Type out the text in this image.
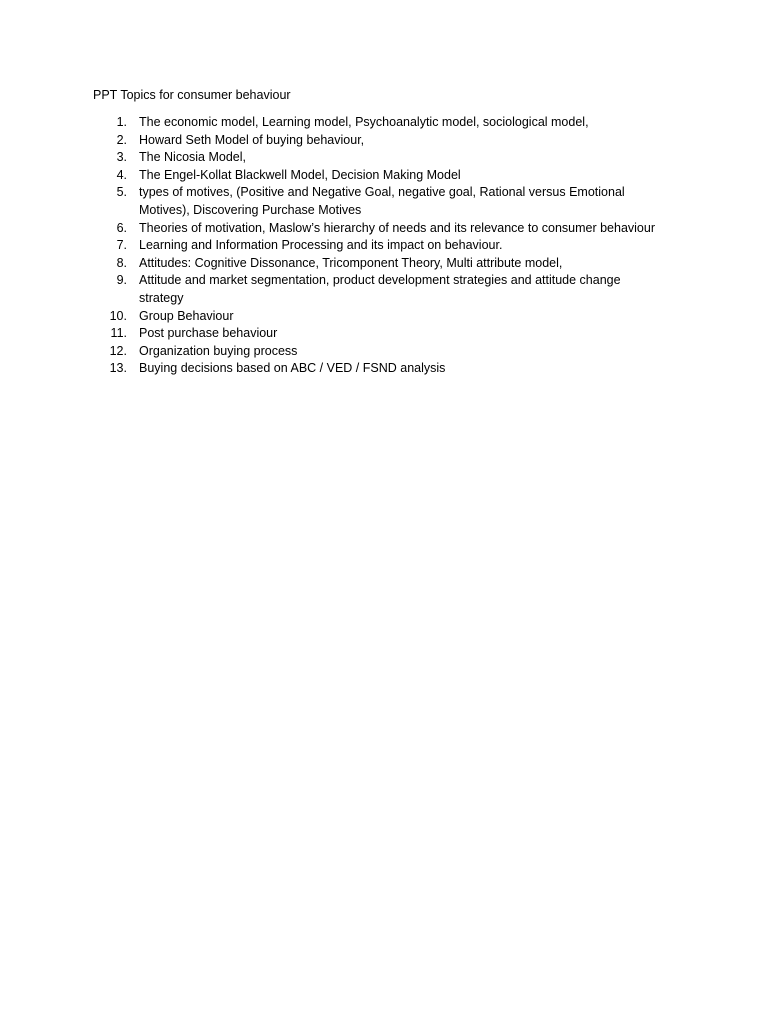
PPT Topics for consumer behaviour
1. The economic model, Learning model, Psychoanalytic model, sociological model,
2. Howard Seth Model of buying behaviour,
3. The Nicosia Model,
4. The Engel-Kollat Blackwell Model, Decision Making Model
5. types of motives, (Positive and Negative Goal, negative goal, Rational versus Emotional Motives), Discovering Purchase Motives
6. Theories of motivation, Maslow’s hierarchy of needs and its relevance to consumer behaviour
7. Learning and Information Processing and its impact on behaviour.
8. Attitudes: Cognitive Dissonance, Tricomponent Theory, Multi attribute model,
9. Attitude and market segmentation, product development strategies and attitude change strategy
10. Group Behaviour
11. Post purchase behaviour
12. Organization buying process
13. Buying decisions based on ABC / VED / FSND analysis
